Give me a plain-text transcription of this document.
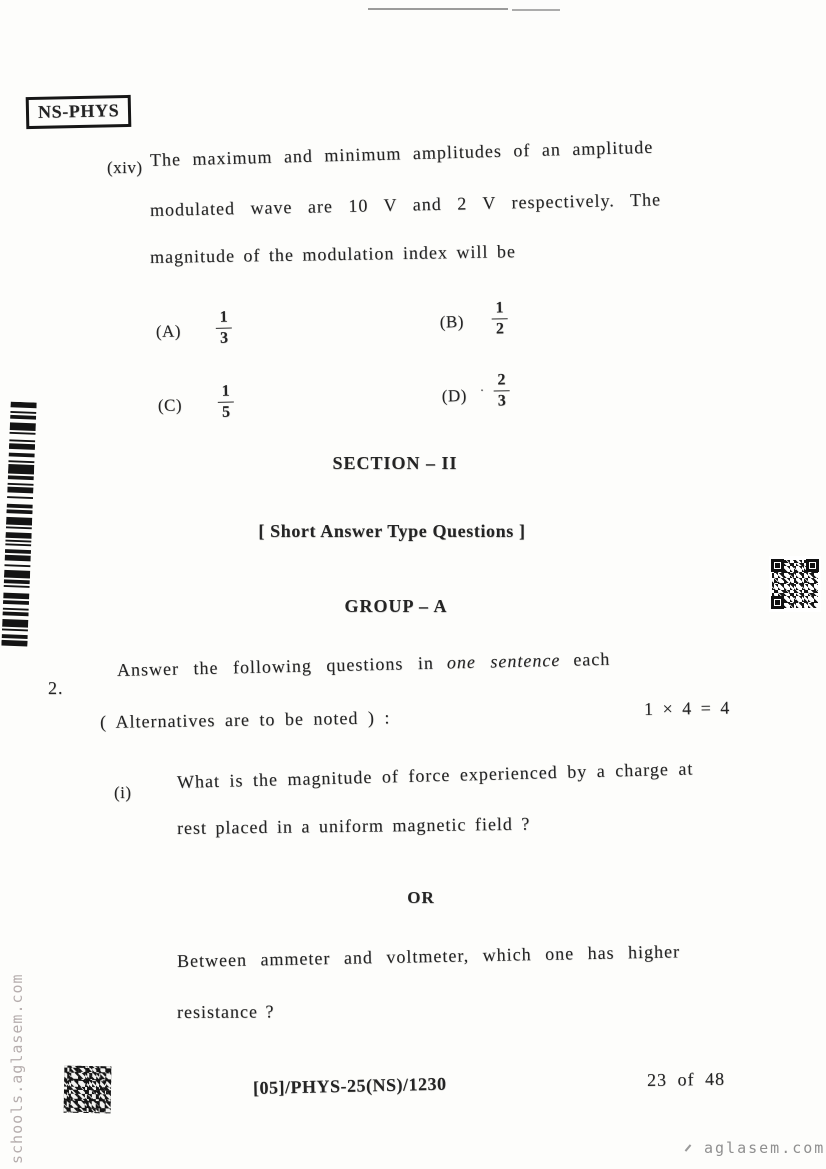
NS-PHYS
(xiv) The maximum and minimum amplitudes of an amplitude
modulated wave are 10 V and 2 V respectively. The
magnitude of the modulation index will be
$(A) \frac{1}{3}$	$(B) \frac{1}{2}$
$(C) \frac{1}{5}$	$(D) \cdot \frac{2}{3}$
SECTION – II
[ Short Answer Type Questions ]
GROUP – A
2.
Answer the following questions in one sentence each
( Alternatives are to be noted ) :	1 × 4 = 4
(i)
What is the magnitude of force experienced by a charge at
rest placed in a uniform magnetic field ?
OR
Between ammeter and voltmeter, which one has higher
resistance ?
[05]/PHYS-25(NS)/1230	23 of 48
schools.aglasem.com	aglasem.com
